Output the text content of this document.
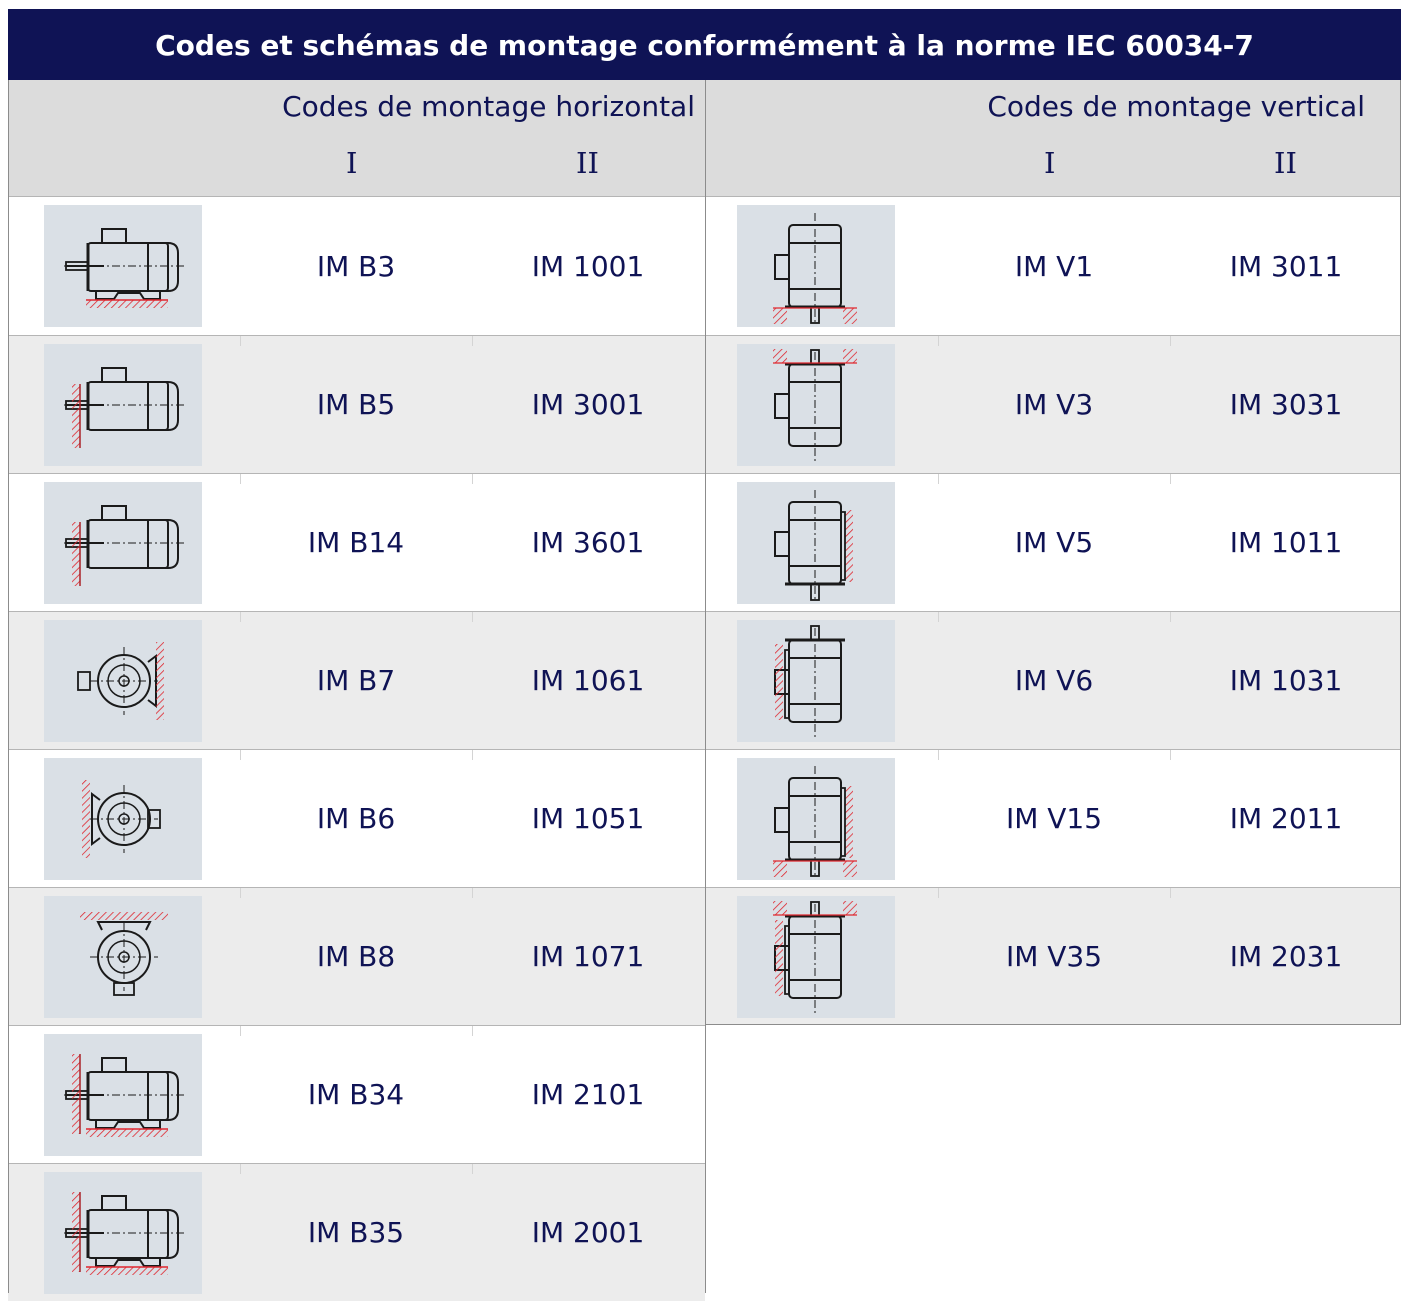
Codes et schémas de montage conformément à la norme IEC 60034-7
Codes de montage horizontal
I	II
Codes de montage vertical
I	II
IM B3	IM 1001
IM B5	IM 3001
IM B14	IM 3601
IM B7	IM 1061
IM B6	IM 1051
IM B8	IM 1071
IM B34	IM 2101
IM B35	IM 2001
IM V1	IM 3011
IM V3	IM 3031
IM V5	IM 1011
IM V6	IM 1031
IM V15	IM 2011
IM V35	IM 2031
